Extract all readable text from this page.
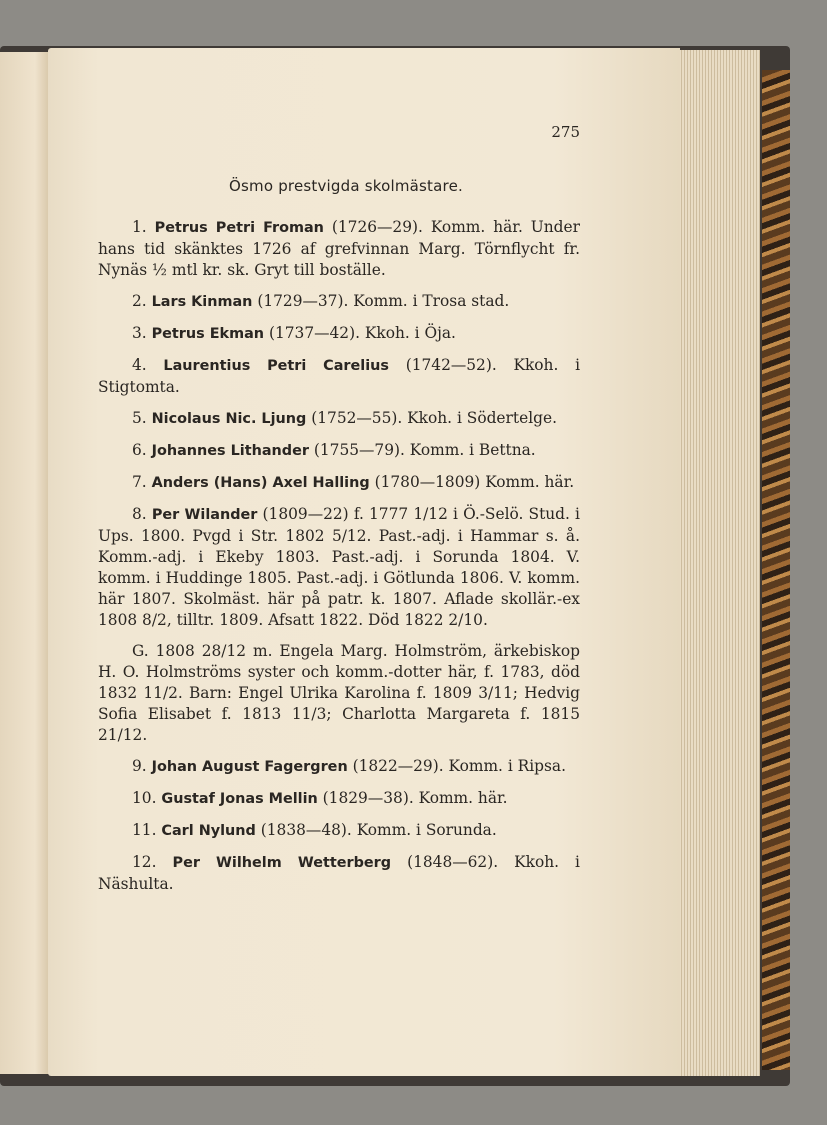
275
Ösmo prestvigda skolmästare.

1. Petrus Petri Froman (1726—29). Komm. här. Under hans tid skänktes 1726 af grefvinnan Marg. Törnflycht fr. Nynäs ½ mtl kr. sk. Gryt till boställe.

2. Lars Kinman (1729—37). Komm. i Trosa stad.

3. Petrus Ekman (1737—42). Kkoh. i Öja.

4. Laurentius Petri Carelius (1742—52). Kkoh. i Stigtomta.

5. Nicolaus Nic. Ljung (1752—55). Kkoh. i Södertelge.

6. Johannes Lithander (1755—79). Komm. i Bettna.

7. Anders (Hans) Axel Halling (1780—1809) Komm. här.

8. Per Wilander (1809—22) f. 1777 1/12 i Ö.-Selö. Stud. i Ups. 1800. Pvgd i Str. 1802 5/12. Past.-adj. i Hammar s. å. Komm.-adj. i Ekeby 1803. Past.-adj. i Sorunda 1804. V. komm. i Huddinge 1805. Past.-adj. i Götlunda 1806. V. komm. här 1807. Skolmäst. här på patr. k. 1807. Aflade skollär.-ex 1808 8/2, tilltr. 1809. Afsatt 1822. Död 1822 2/10.

G. 1808 28/12 m. Engela Marg. Holmström, ärkebiskop H. O. Holmströms syster och komm.-dotter här, f. 1783, död 1832 11/2. Barn: Engel Ulrika Karolina f. 1809 3/11; Hedvig Sofia Elisabet f. 1813 11/3; Charlotta Margareta f. 1815 21/12.

9. Johan August Fagergren (1822—29). Komm. i Ripsa.

10. Gustaf Jonas Mellin (1829—38). Komm. här.

11. Carl Nylund (1838—48). Komm. i Sorunda.

12. Per Wilhelm Wetterberg (1848—62). Kkoh. i Näshulta.
